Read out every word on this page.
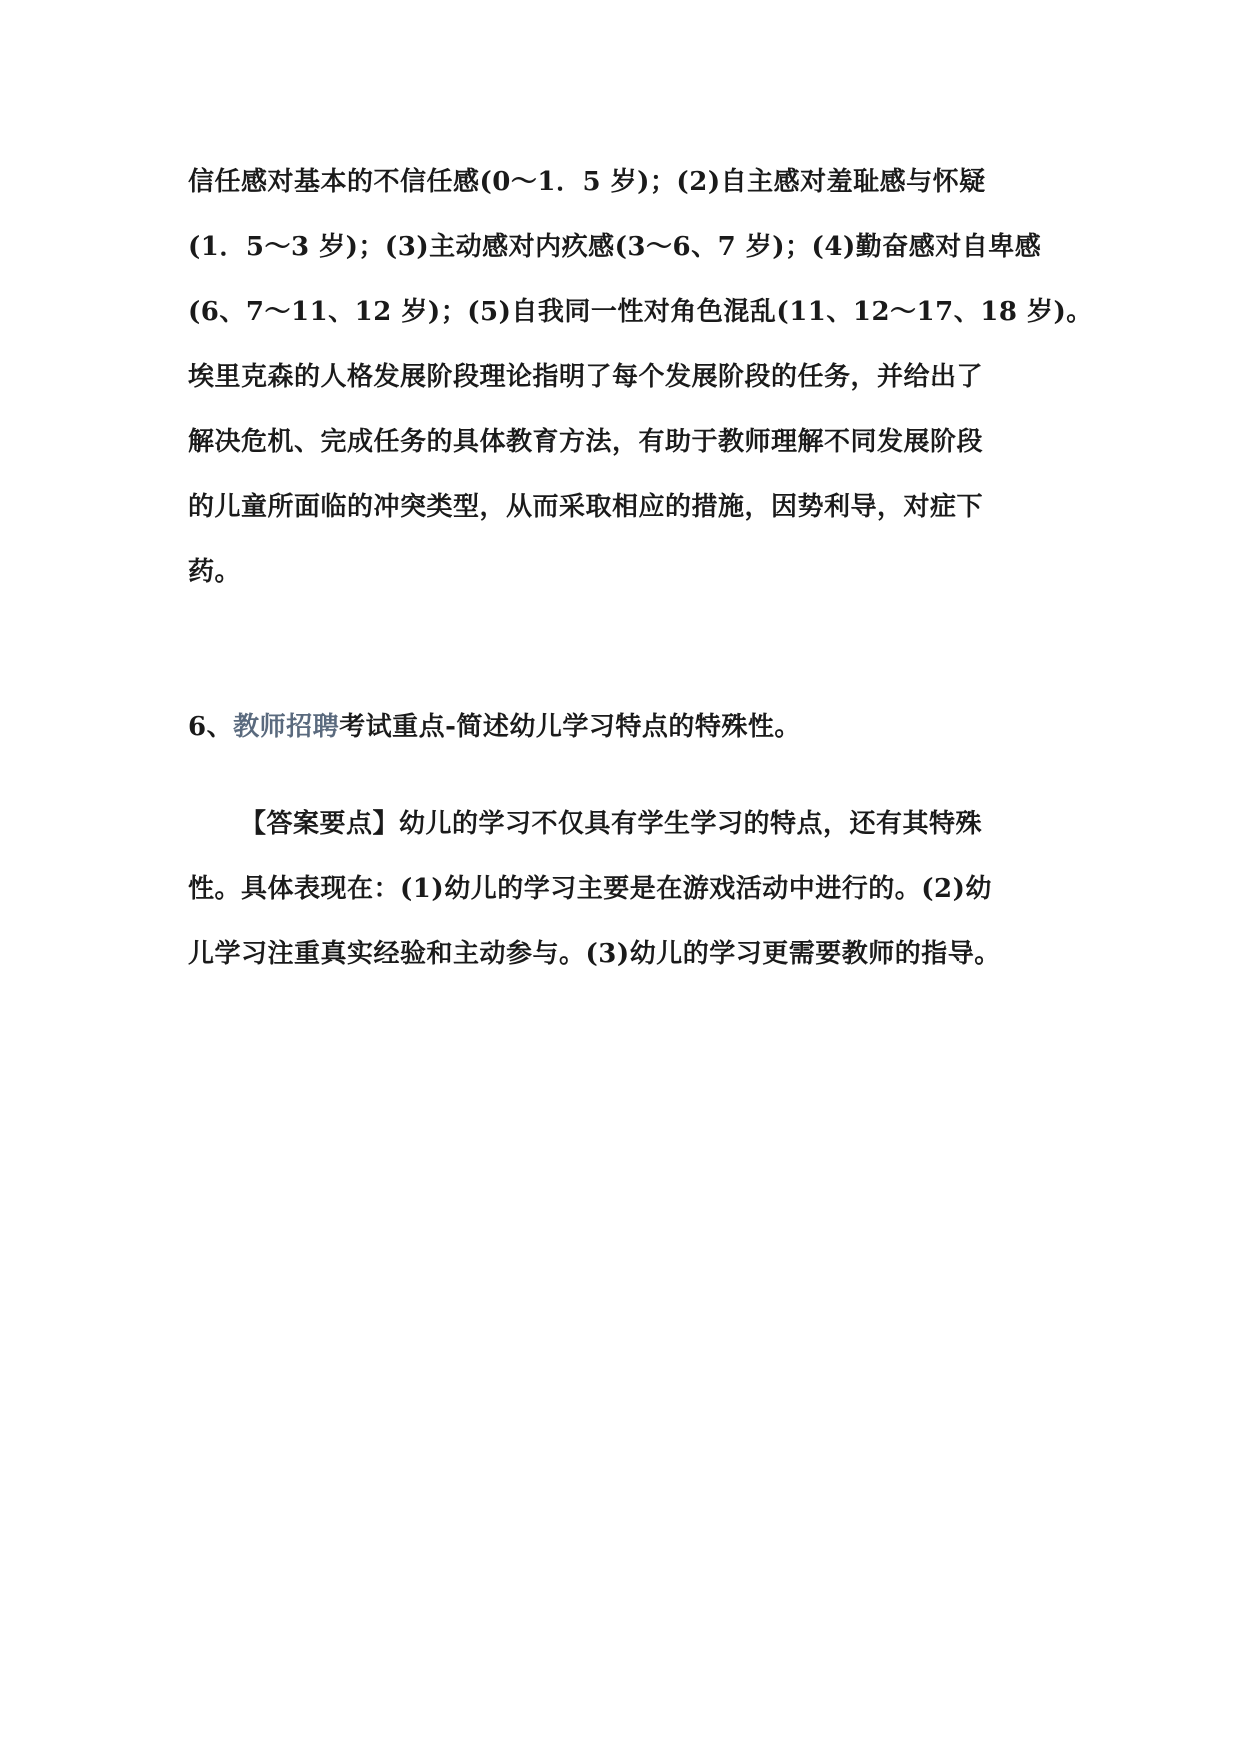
信任感对基本的不信任感(0～1．5 岁)；(2)自主感对羞耻感与怀疑
(1．5～3 岁)；(3)主动感对内疚感(3～6、7 岁)；(4)勤奋感对自卑感
(6、7～11、12 岁)；(5)自我同一性对角色混乱(11、12～17、18 岁)。
埃里克森的人格发展阶段理论指明了每个发展阶段的任务，并给出了
解决危机、完成任务的具体教育方法，有助于教师理解不同发展阶段
的儿童所面临的冲突类型，从而采取相应的措施，因势利导，对症下
药。
6、教师招聘考试重点-简述幼儿学习特点的特殊性。
【答案要点】幼儿的学习不仅具有学生学习的特点，还有其特殊
性。具体表现在：(1)幼儿的学习主要是在游戏活动中进行的。(2)幼
儿学习注重真实经验和主动参与。(3)幼儿的学习更需要教师的指导。
